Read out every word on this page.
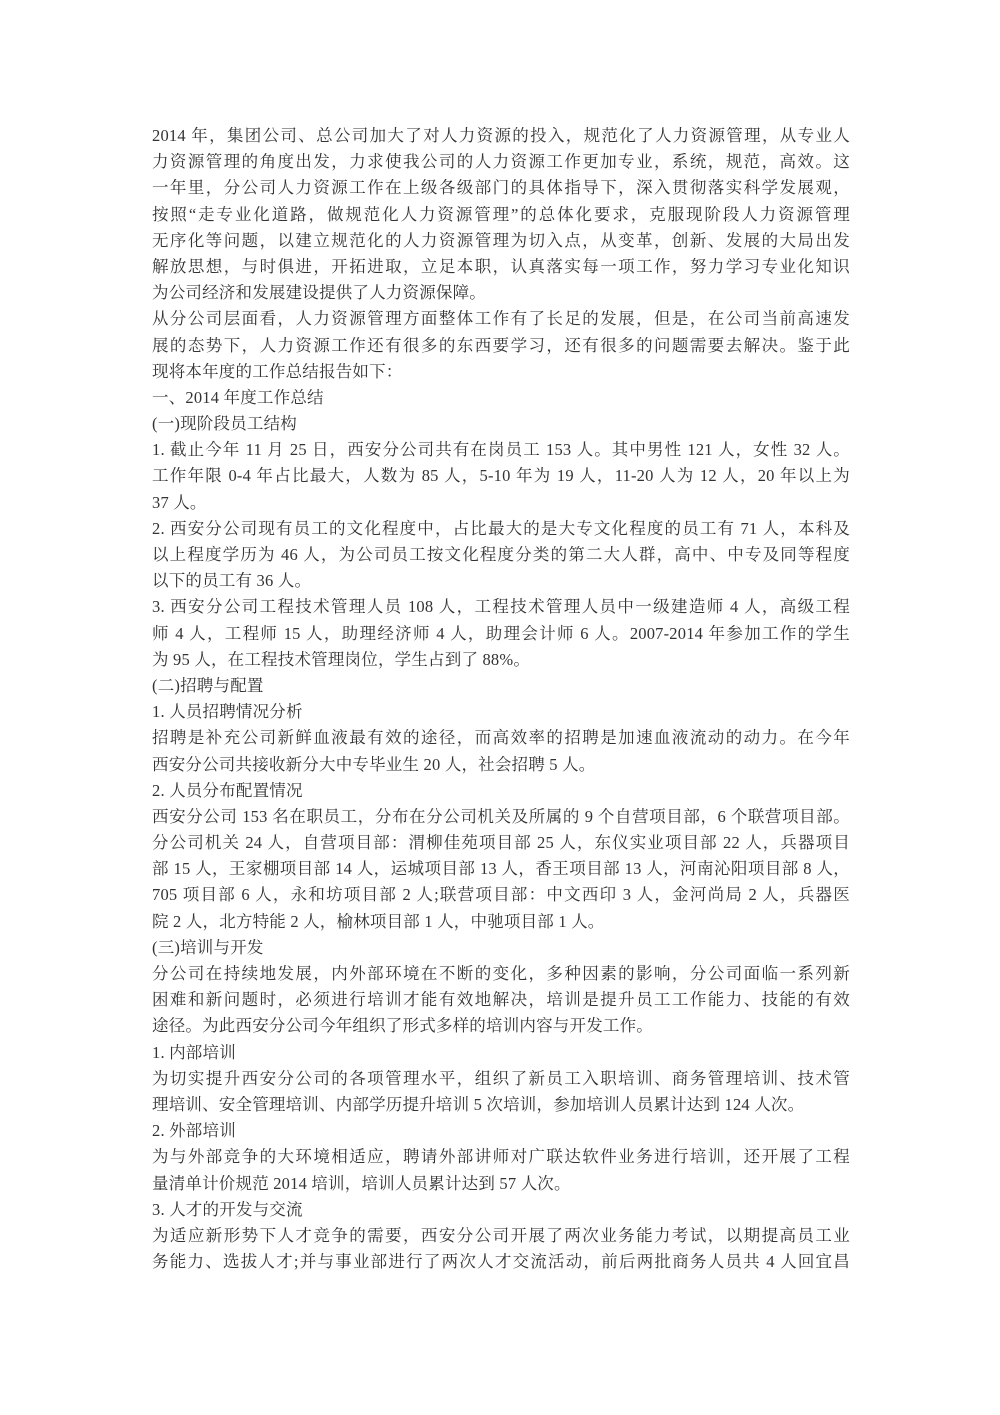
2014 年，集团公司、总公司加大了对人力资源的投入，规范化了人力资源管理，从专业人
力资源管理的角度出发，力求使我公司的人力资源工作更加专业，系统，规范，高效。这
一年里，分公司人力资源工作在上级各级部门的具体指导下，深入贯彻落实科学发展观，
按照“走专业化道路，做规范化人力资源管理”的总体化要求，克服现阶段人力资源管理
无序化等问题，以建立规范化的人力资源管理为切入点，从变革，创新、发展的大局出发
解放思想，与时俱进，开拓进取，立足本职，认真落实每一项工作，努力学习专业化知识
为公司经济和发展建设提供了人力资源保障。
从分公司层面看，人力资源管理方面整体工作有了长足的发展，但是，在公司当前高速发
展的态势下，人力资源工作还有很多的东西要学习，还有很多的问题需要去解决。鉴于此
现将本年度的工作总结报告如下：
一、2014 年度工作总结
(一)现阶段员工结构
1. 截止今年 11 月 25 日，西安分公司共有在岗员工 153 人。其中男性 121 人，女性 32 人。
工作年限 0-4 年占比最大，人数为 85 人，5-10 年为 19 人，11-20 人为 12 人，20 年以上为
37 人。
2. 西安分公司现有员工的文化程度中，占比最大的是大专文化程度的员工有 71 人，本科及
以上程度学历为 46 人，为公司员工按文化程度分类的第二大人群，高中、中专及同等程度
以下的员工有 36 人。
3. 西安分公司工程技术管理人员 108 人，工程技术管理人员中一级建造师 4 人，高级工程
师 4 人，工程师 15 人，助理经济师 4 人，助理会计师 6 人。2007-2014 年参加工作的学生
为 95 人，在工程技术管理岗位，学生占到了 88%。
(二)招聘与配置
1. 人员招聘情况分析
招聘是补充公司新鲜血液最有效的途径，而高效率的招聘是加速血液流动的动力。在今年
西安分公司共接收新分大中专毕业生 20 人，社会招聘 5 人。
2. 人员分布配置情况
西安分公司 153 名在职员工，分布在分公司机关及所属的 9 个自营项目部，6 个联营项目部。
分公司机关 24 人，自营项目部：渭柳佳苑项目部 25 人，东仪实业项目部 22 人，兵器项目
部 15 人，王家棚项目部 14 人，运城项目部 13 人，香王项目部 13 人，河南沁阳项目部 8 人，
705 项目部 6 人，永和坊项目部 2 人;联营项目部：中文西印 3 人，金河尚局 2 人，兵器医
院 2 人，北方特能 2 人，榆林项目部 1 人，中驰项目部 1 人。
(三)培训与开发
分公司在持续地发展，内外部环境在不断的变化，多种因素的影响，分公司面临一系列新
困难和新问题时，必须进行培训才能有效地解决，培训是提升员工工作能力、技能的有效
途径。为此西安分公司今年组织了形式多样的培训内容与开发工作。
1. 内部培训
为切实提升西安分公司的各项管理水平，组织了新员工入职培训、商务管理培训、技术管
理培训、安全管理培训、内部学历提升培训 5 次培训，参加培训人员累计达到 124 人次。
2. 外部培训
为与外部竞争的大环境相适应，聘请外部讲师对广联达软件业务进行培训，还开展了工程
量清单计价规范 2014 培训，培训人员累计达到 57 人次。
3. 人才的开发与交流
为适应新形势下人才竞争的需要，西安分公司开展了两次业务能力考试，以期提高员工业
务能力、选拔人才;并与事业部进行了两次人才交流活动，前后两批商务人员共 4 人回宜昌
